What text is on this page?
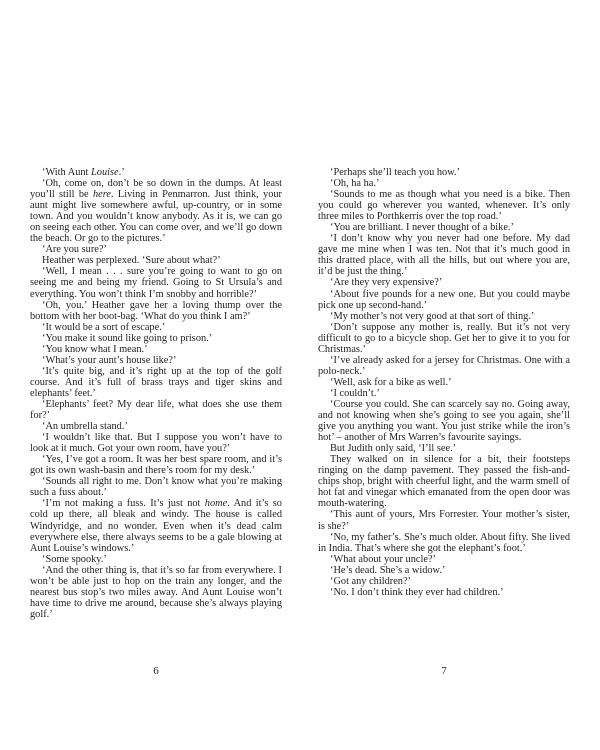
‘With Aunt Louise.’

‘Oh, come on, don’t be so down in the dumps. At least you’ll still be here. Living in Penmarron. Just think, your aunt might live somewhere awful, up-country, or in some town. And you wouldn’t know anybody. As it is, we can go on seeing each other. You can come over, and we’ll go down the beach. Or go to the pictures.’

‘Are you sure?’

Heather was perplexed. ‘Sure about what?’

‘Well, I mean . . . sure you’re going to want to go on seeing me and being my friend. Going to St Ursula’s and everything. You won’t think I’m snobby and horrible?’

‘Oh, you.’ Heather gave her a loving thump over the bottom with her boot-bag. ‘What do you think I am?’

‘It would be a sort of escape.’

‘You make it sound like going to prison.’

‘You know what I mean.’

‘What’s your aunt’s house like?’

‘It’s quite big, and it’s right up at the top of the golf course. And it’s full of brass trays and tiger skins and elephants’ feet.’

‘Elephants’ feet? My dear life, what does she use them for?’

‘An umbrella stand.’

‘I wouldn’t like that. But I suppose you won’t have to look at it much. Got your own room, have you?’

‘Yes, I’ve got a room. It was her best spare room, and it’s got its own wash-basin and there’s room for my desk.’

‘Sounds all right to me. Don’t know what you’re making such a fuss about.’

‘I’m not making a fuss. It’s just not home. And it’s so cold up there, all bleak and windy. The house is called Windyridge, and no wonder. Even when it’s dead calm everywhere else, there always seems to be a gale blowing at Aunt Louise’s windows.’

‘Some spooky.’

‘And the other thing is, that it’s so far from everywhere. I won’t be able just to hop on the train any longer, and the nearest bus stop’s two miles away. And Aunt Louise won’t have time to drive me around, because she’s always playing golf.’

6

‘Perhaps she’ll teach you how.’

‘Oh, ha ha.’

‘Sounds to me as though what you need is a bike. Then you could go wherever you wanted, whenever. It’s only three miles to Porthkerris over the top road.’

‘You are brilliant. I never thought of a bike.’

‘I don’t know why you never had one before. My dad gave me mine when I was ten. Not that it’s much good in this dratted place, with all the hills, but out where you are, it’d be just the thing.’

‘Are they very expensive?’

‘About five pounds for a new one. But you could maybe pick one up second-hand.’

‘My mother’s not very good at that sort of thing.’

‘Don’t suppose any mother is, really. But it’s not very difficult to go to a bicycle shop. Get her to give it to you for Christmas.’

‘I’ve already asked for a jersey for Christmas. One with a polo-neck.’

‘Well, ask for a bike as well.’

‘I couldn’t.’

‘Course you could. She can scarcely say no. Going away, and not knowing when she’s going to see you again, she’ll give you anything you want. You just strike while the iron’s hot’ – another of Mrs Warren’s favourite sayings.

But Judith only said, ‘I’ll see.’

They walked on in silence for a bit, their footsteps ringing on the damp pavement. They passed the fish-and-chips shop, bright with cheerful light, and the warm smell of hot fat and vinegar which emanated from the open door was mouth-watering.

‘This aunt of yours, Mrs Forrester. Your mother’s sister, is she?’

‘No, my father’s. She’s much older. About fifty. She lived in India. That’s where she got the elephant’s foot.’

‘What about your uncle?’

‘He’s dead. She’s a widow.’

‘Got any children?’

‘No. I don’t think they ever had children.’

7
